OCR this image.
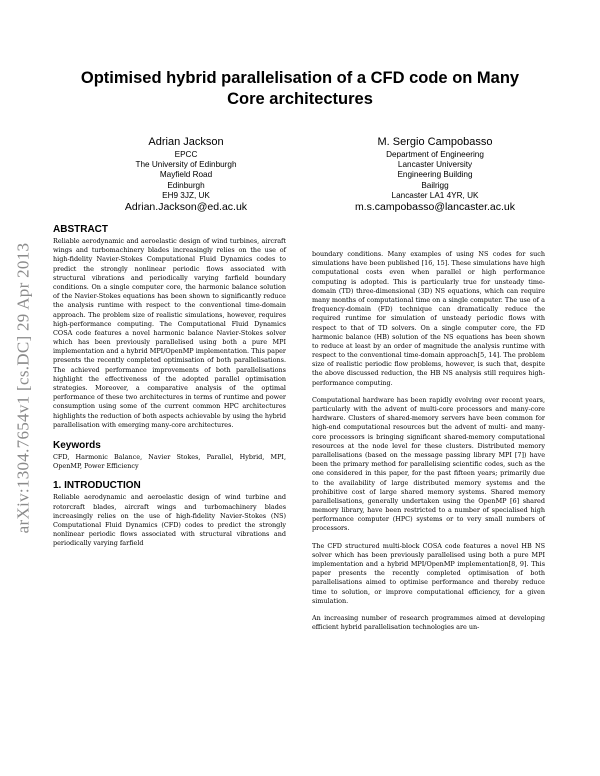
arXiv:1304.7654v1 [cs.DC] 29 Apr 2013
Optimised hybrid parallelisation of a CFD code on Many Core architectures
Adrian Jackson
EPCC
The University of Edinburgh
Mayfield Road
Edinburgh
EH9 3JZ, UK
Adrian.Jackson@ed.ac.uk
M. Sergio Campobasso
Department of Engineering
Lancaster University
Engineering Building
Bailrigg
Lancaster LA1 4YR, UK
m.s.campobasso@lancaster.ac.uk
ABSTRACT

Reliable aerodynamic and aeroelastic design of wind turbines, aircraft wings and turbomachinery blades increasingly relies on the use of high-fidelity Navier-Stokes Computational Fluid Dynamics codes to predict the strongly nonlinear periodic flows associated with structural vibrations and periodically varying farfield boundary conditions. On a single computer core, the harmonic balance solution of the Navier-Stokes equations has been shown to significantly reduce the analysis runtime with respect to the conventional time-domain approach. The problem size of realistic simulations, however, requires high-performance computing. The Computational Fluid Dynamics COSA code features a novel harmonic balance Navier-Stokes solver which has been previously parallelised using both a pure MPI implementation and a hybrid MPI/OpenMP implementation. This paper presents the recently completed optimisation of both parallelisations. The achieved performance improvements of both parallelisations highlight the effectiveness of the adopted parallel optimisation strategies. Moreover, a comparative analysis of the optimal performance of these two architectures in terms of runtime and power consumption using some of the current common HPC architectures highlights the reduction of both aspects achievable by using the hybrid parallelisation with emerging many-core architectures.

Keywords

CFD, Harmonic Balance, Navier Stokes, Parallel, Hybrid, MPI, OpenMP, Power Efficiency

1. INTRODUCTION

Reliable aerodynamic and aeroelastic design of wind turbine and rotorcraft blades, aircraft wings and turbomachinery blades increasingly relies on the use of high-fidelity Navier-Stokes (NS) Computational Fluid Dynamics (CFD) codes to predict the strongly nonlinear periodic flows associated with structural vibrations and periodically varying farfield

boundary conditions. Many examples of using NS codes for such simulations have been published [16, 15]. These simulations have high computational costs even when parallel or high performance computing is adopted. This is particularly true for unsteady time-domain (TD) three-dimensional (3D) NS equations, which can require many months of computational time on a single computer. The use of a frequency-domain (FD) technique can dramatically reduce the required runtime for simulation of unsteady periodic flows with respect to that of TD solvers. On a single computer core, the FD harmonic balance (HB) solution of the NS equations has been shown to reduce at least by an order of magnitude the analysis runtime with respect to the conventional time-domain approach[5, 14]. The problem size of realistic periodic flow problems, however, is such that, despite the above discussed reduction, the HB NS analysis still requires high-performance computing.

Computational hardware has been rapidly evolving over recent years, particularly with the advent of multi-core processors and many-core hardware. Clusters of shared-memory servers have been common for high-end computational resources but the advent of multi- and many- core processors is bringing significant shared-memory computational resources at the node level for these clusters. Distributed memory parallelisations (based on the message passing library MPI [7]) have been the primary method for parallelising scientific codes, such as the one considered in this paper, for the past fifteen years; primarily due to the availability of large distributed memory systems and the prohibitive cost of large shared memory systems. Shared memory parallelisations, generally undertaken using the OpenMP [6] shared memory library, have been restricted to a number of specialised high performance computer (HPC) systems or to very small numbers of processors.

The CFD structured multi-block COSA code features a novel HB NS solver which has been previously parallelised using both a pure MPI implementation and a hybrid MPI/OpenMP implementation[8, 9]. This paper presents the recently completed optimisation of both parallelisations aimed to optimise performance and thereby reduce time to solution, or improve computational efficiency, for a given simulation.

An increasing number of research programmes aimed at developing efficient hybrid parallelisation technologies are un-
